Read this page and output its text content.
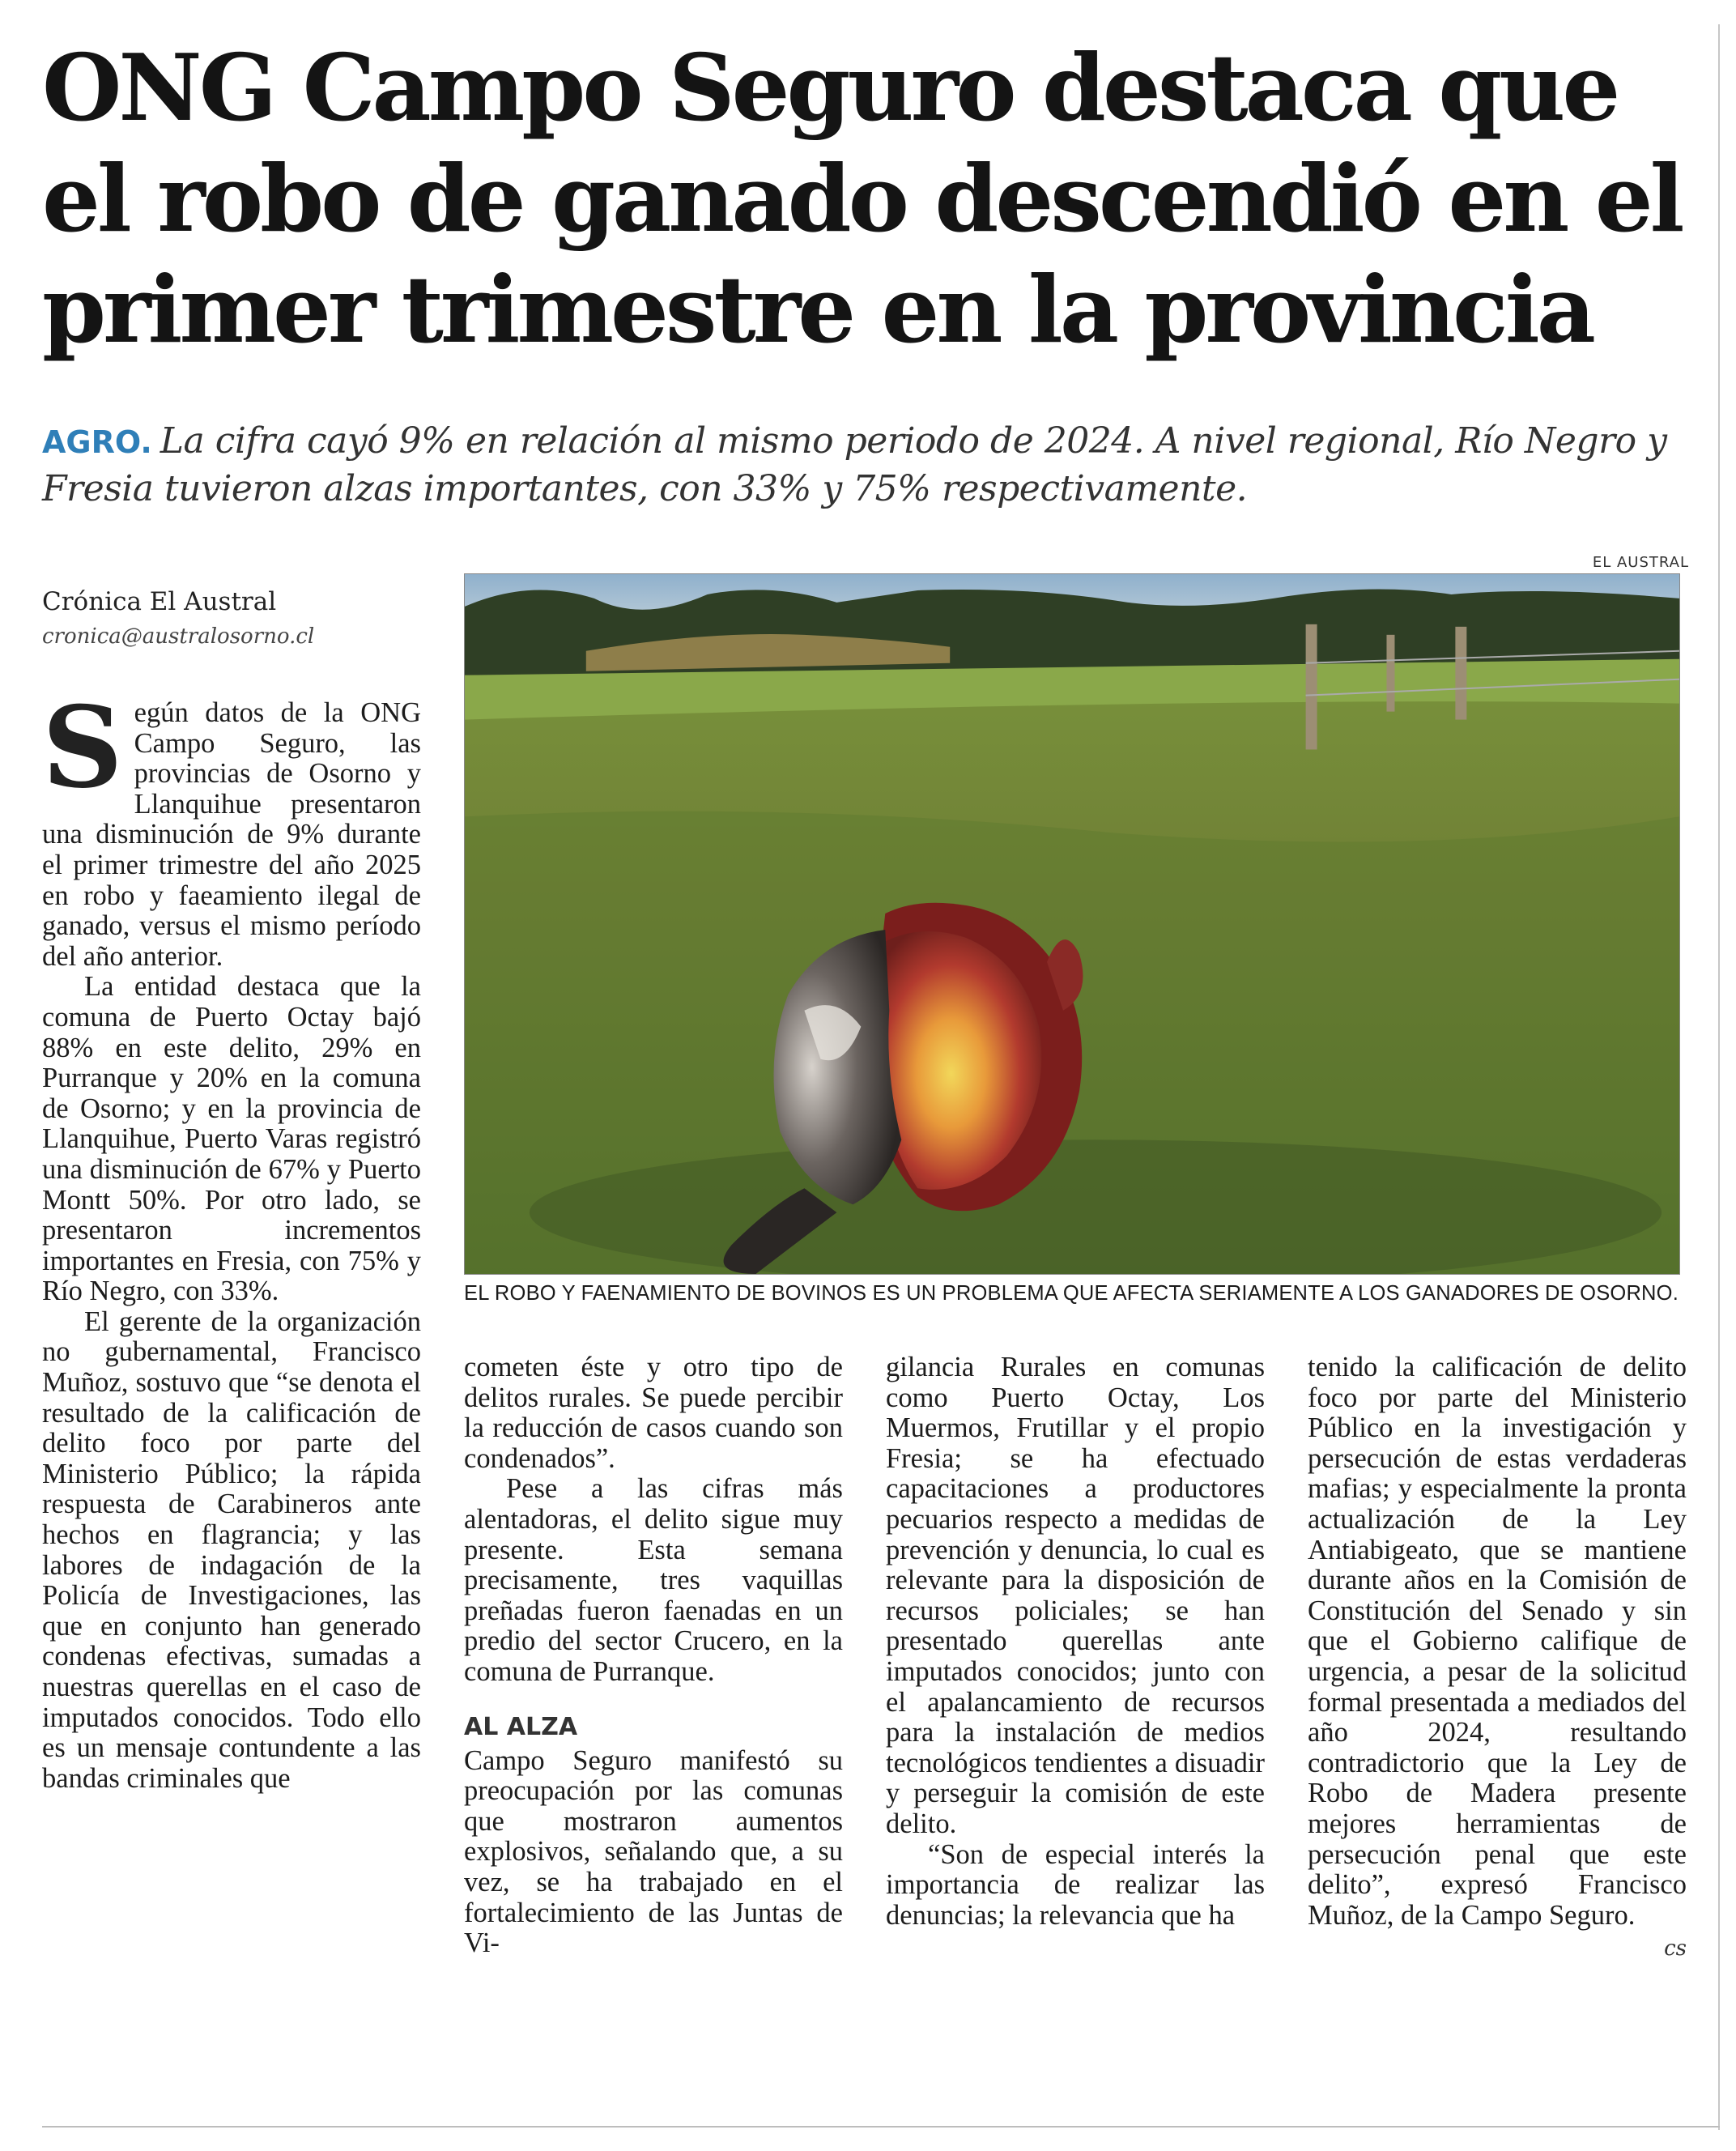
ONG Campo Seguro destaca que
el robo de ganado descendió en el
primer trimestre en la provincia
AGRO. La cifra cayó 9% en relación al mismo periodo de 2024. A nivel regional, Río Negro y Fresia tuvieron alzas importantes, con 33% y 75% respectivamente.
EL AUSTRAL
Crónica El Austral
cronica@australosorno.cl
EL ROBO Y FAENAMIENTO DE BOVINOS ES UN PROBLEMA QUE AFECTA SERIAMENTE A LOS GANADORES DE OSORNO.

Según datos de la ONG Campo Seguro, las provincias de Osorno y Llanquihue presentaron una disminución de 9% durante el primer trimestre del año 2025 en robo y faeamiento ilegal de ganado, versus el mismo período del año anterior.

La entidad destaca que la comuna de Puerto Octay bajó 88% en este delito, 29% en Purranque y 20% en la comuna de Osorno; y en la provincia de Llanquihue, Puerto Varas registró una disminución de 67% y Puerto Montt 50%. Por otro lado, se presentaron incrementos importantes en Fresia, con 75% y Río Negro, con 33%.

El gerente de la organización no gubernamental, Francisco Muñoz, sostuvo que “se denota el resultado de la calificación de delito foco por parte del Ministerio Público; la rápida respuesta de Carabineros ante hechos en flagrancia; y las labores de indagación de la Policía de Investigaciones, las que en conjunto han generado condenas efectivas, sumadas a nuestras querellas en el caso de imputados conocidos. Todo ello es un mensaje contundente a las bandas criminales que

cometen éste y otro tipo de delitos rurales. Se puede percibir la reducción de casos cuando son condenados”.

Pese a las cifras más alentadoras, el delito sigue muy presente. Esta semana precisamente, tres vaquillas preñadas fueron faenadas en un predio del sector Crucero, en la comuna de Purranque.

AL ALZA

Campo Seguro manifestó su preocupación por las comunas que mostraron aumentos explosivos, señalando que, a su vez, se ha trabajado en el fortalecimiento de las Juntas de Vi-

gilancia Rurales en comunas como Puerto Octay, Los Muermos, Frutillar y el propio Fresia; se ha efectuado capacitaciones a productores pecuarios respecto a medidas de prevención y denuncia, lo cual es relevante para la disposición de recursos policiales; se han presentado querellas ante imputados conocidos; junto con el apalancamiento de recursos para la instalación de medios tecnológicos tendientes a disuadir y perseguir la comisión de este delito.

“Son de especial interés la importancia de realizar las denuncias; la relevancia que ha

tenido la calificación de delito foco por parte del Ministerio Público en la investigación y persecución de estas verdaderas mafias; y especialmente la pronta actualización de la Ley Antiabigeato, que se mantiene durante años en la Comisión de Constitución del Senado y sin que el Gobierno califique de urgencia, a pesar de la solicitud formal presentada a mediados del año 2024, resultando contradictorio que la Ley de Robo de Madera presente mejores herramientas de persecución penal que este delito”, expresó Francisco Muñoz, de la Campo Seguro.

cs
